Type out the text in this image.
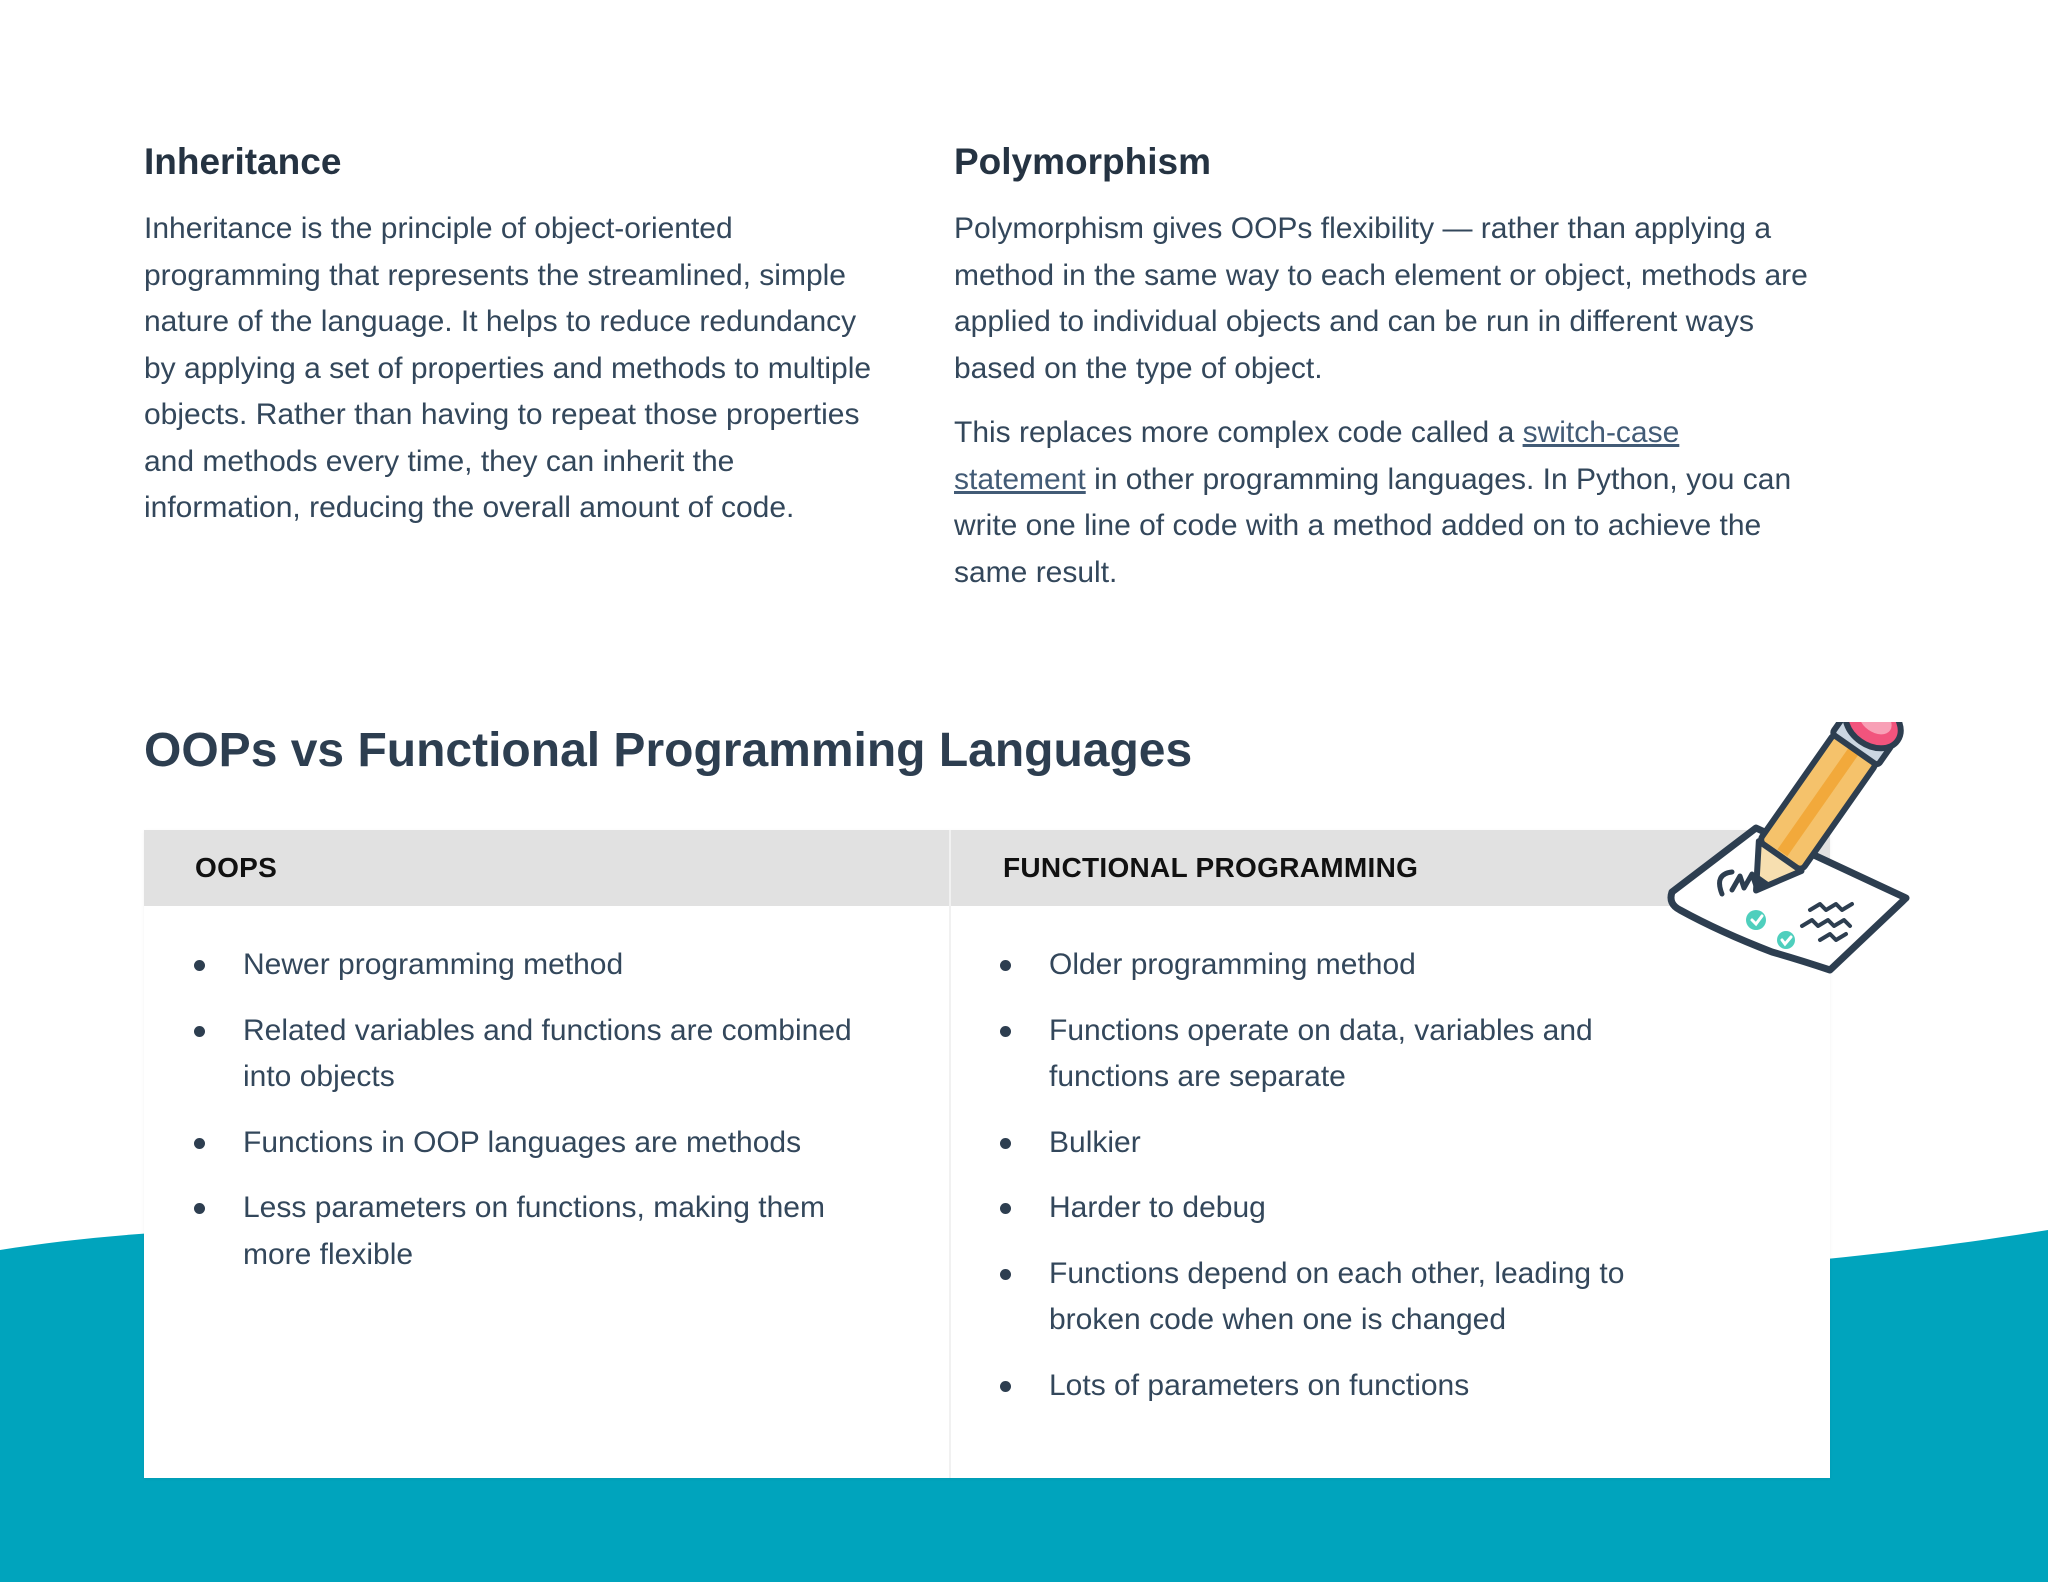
Inheritance

Inheritance is the principle of object-oriented programming that represents the streamlined, simple nature of the language. It helps to reduce redundancy by applying a set of properties and methods to multiple objects. Rather than having to repeat those properties and methods every time, they can inherit the information, reducing the overall amount of code.

Polymorphism

Polymorphism gives OOPs flexibility — rather than applying a method in the same way to each element or object, methods are applied to individual objects and can be run in different ways based on the type of object.

This replaces more complex code called a switch-case statement in other programming languages. In Python, you can write one line of code with a method added on to achieve the same result.

OOPs vs Functional Programming Languages
OOPS	FUNCTIONAL PROGRAMMING
Newer programming method
Related variables and functions are combined into objects
Functions in OOP languages are methods
Less parameters on functions, making them more flexible
Older programming method
Functions operate on data, variables and functions are separate
Bulkier
Harder to debug
Functions depend on each other, leading to broken code when one is changed
Lots of parameters on functions
